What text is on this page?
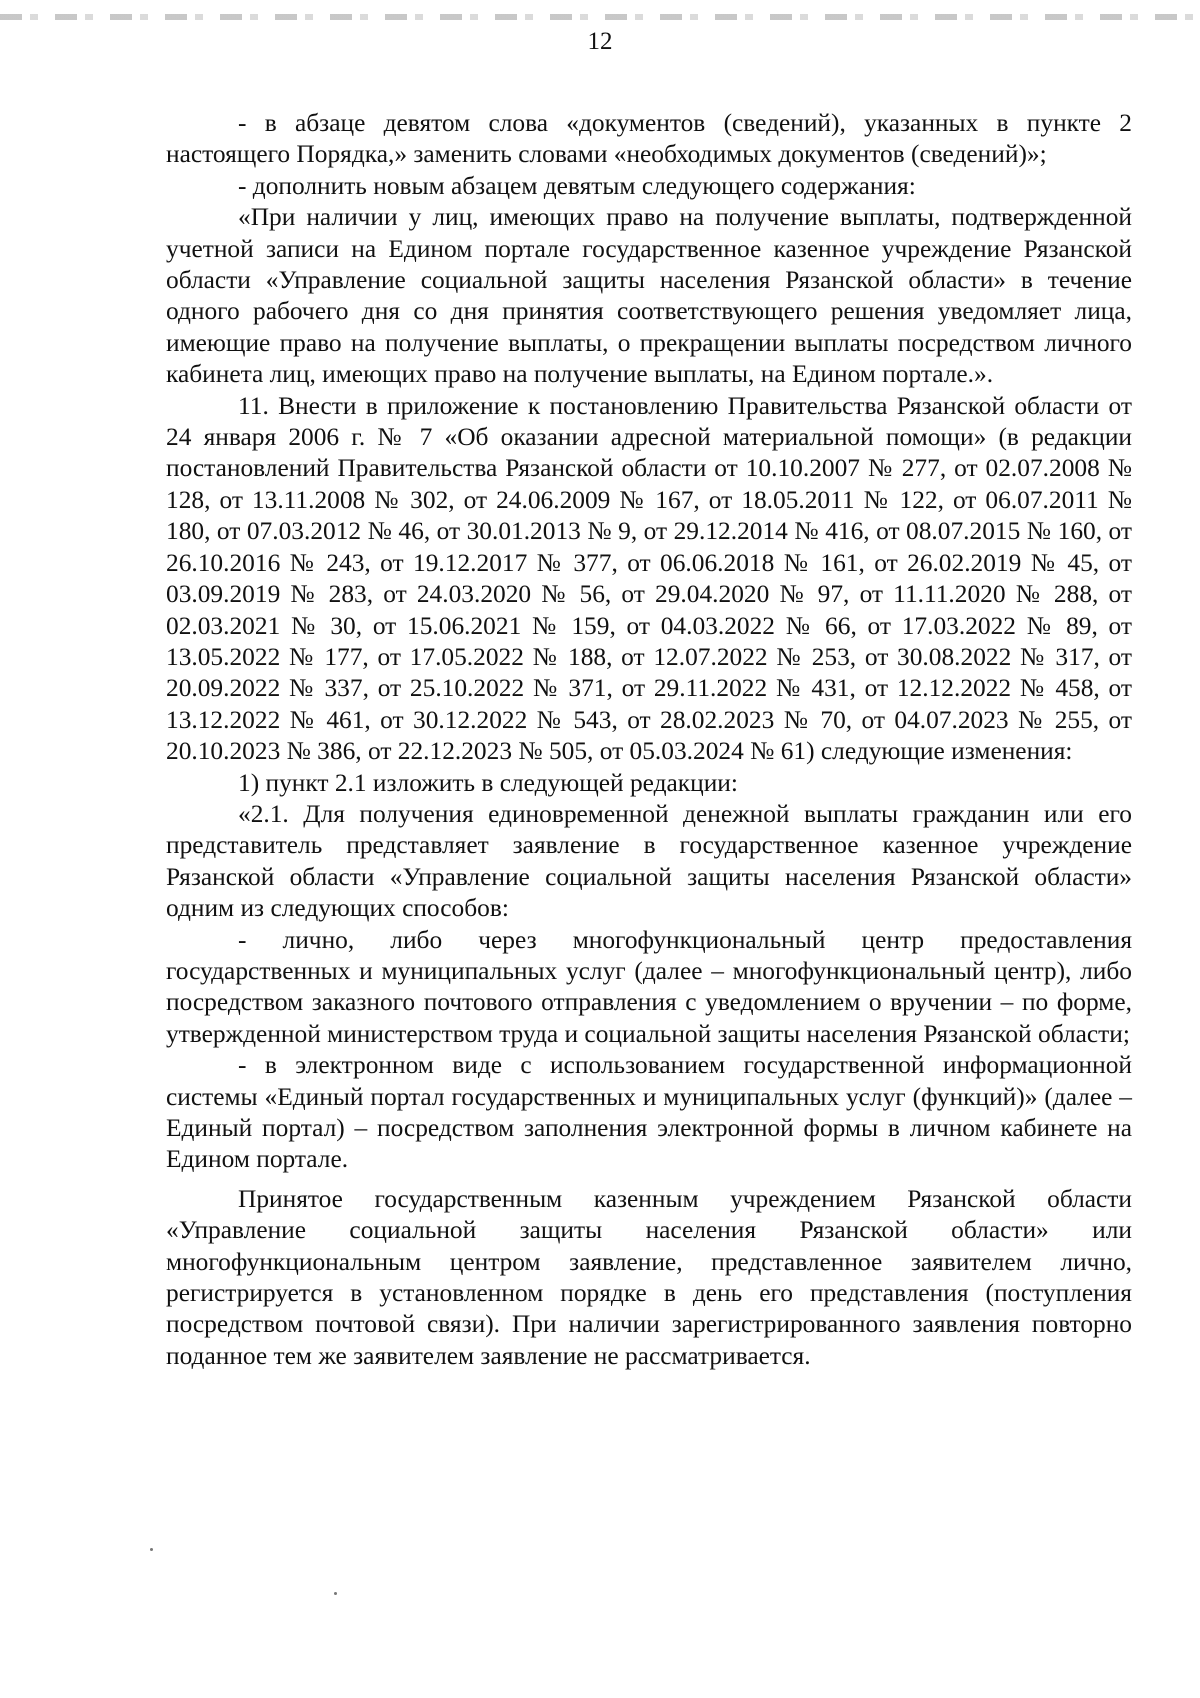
12

- в абзаце девятом слова «документов (сведений), указанных в пункте 2 настоящего Порядка,» заменить словами «необходимых документов (сведений)»;

- дополнить новым абзацем девятым следующего содержания:

«При наличии у лиц, имеющих право на получение выплаты, подтвержденной учетной записи на Едином портале государственное казенное учреждение Рязанской области «Управление социальной защиты населения Рязанской области» в течение одного рабочего дня со дня принятия соответствующего решения уведомляет лица, имеющие право на получение выплаты, о прекращении выплаты посредством личного кабинета лиц, имеющих право на получение выплаты, на Едином портале.».

11. Внести в приложение к постановлению Правительства Рязанской области от 24 января 2006 г. № 7 «Об оказании адресной материальной помощи» (в редакции постановлений Правительства Рязанской области от 10.10.2007 № 277, от 02.07.2008 № 128, от 13.11.2008 № 302, от 24.06.2009 № 167, от 18.05.2011 № 122, от 06.07.2011 № 180, от 07.03.2012 № 46, от 30.01.2013 № 9, от 29.12.2014 № 416, от 08.07.2015 № 160, от 26.10.2016 № 243, от 19.12.2017 № 377, от 06.06.2018 № 161, от 26.02.2019 № 45, от 03.09.2019 № 283, от 24.03.2020 № 56, от 29.04.2020 № 97, от 11.11.2020 № 288, от 02.03.2021 № 30, от 15.06.2021 № 159, от 04.03.2022 № 66, от 17.03.2022 № 89, от 13.05.2022 № 177, от 17.05.2022 № 188, от 12.07.2022 № 253, от 30.08.2022 № 317, от 20.09.2022 № 337, от 25.10.2022 № 371, от 29.11.2022 № 431, от 12.12.2022 № 458, от 13.12.2022 № 461, от 30.12.2022 № 543, от 28.02.2023 № 70, от 04.07.2023 № 255, от 20.10.2023 № 386, от 22.12.2023 № 505, от 05.03.2024 № 61) следующие изменения:

1) пункт 2.1 изложить в следующей редакции:

«2.1. Для получения единовременной денежной выплаты гражданин или его представитель представляет заявление в государственное казенное учреждение Рязанской области «Управление социальной защиты населения Рязанской области» одним из следующих способов:

- лично, либо через многофункциональный центр предоставления государственных и муниципальных услуг (далее – многофункциональный центр), либо посредством заказного почтового отправления с уведомлением о вручении – по форме, утвержденной министерством труда и социальной защиты населения Рязанской области;

- в электронном виде с использованием государственной информационной системы «Единый портал государственных и муниципальных услуг (функций)» (далее – Единый портал) – посредством заполнения электронной формы в личном кабинете на Едином портале.

Принятое государственным казенным учреждением Рязанской области «Управление социальной защиты населения Рязанской области» или многофункциональным центром заявление, представленное заявителем лично, регистрируется в установленном порядке в день его представления (поступления посредством почтовой связи). При наличии зарегистрированного заявления повторно поданное тем же заявителем заявление не рассматривается.
